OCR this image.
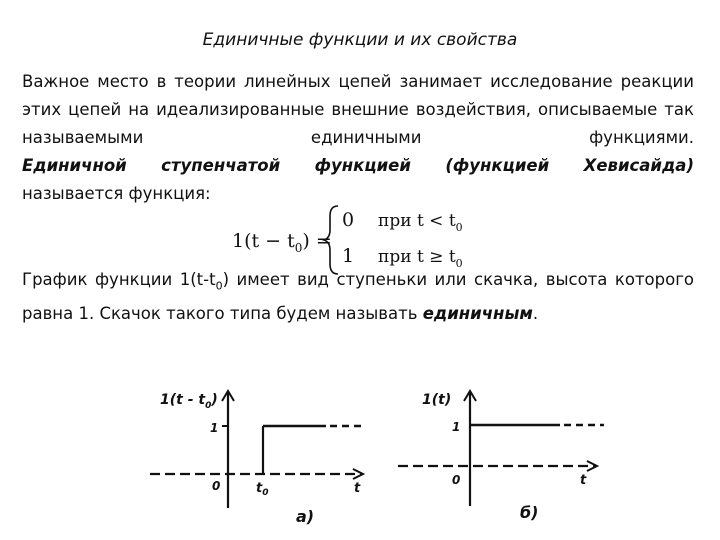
Единичные функции и их свойства
Важное место в теории линейных цепей занимает исследование реакции этих цепей на идеализированные внешние воздействия, описываемые так называемыми единичными функциями.
Единичной ступенчатой функцией (функцией Хевисайда)
называется функция:
$1(t - t_0)$ =
0 при $t < t_0$
1 при $t \ge t_0$
График функции $1(t-t_0)$ имеет вид ступеньки или скачка, высота которого равна 1. Скачок такого типа будем называть единичным.
$1(t - t_0)$
1
0	$t_0$	t
а)
1(t)
1
0	t
б)
